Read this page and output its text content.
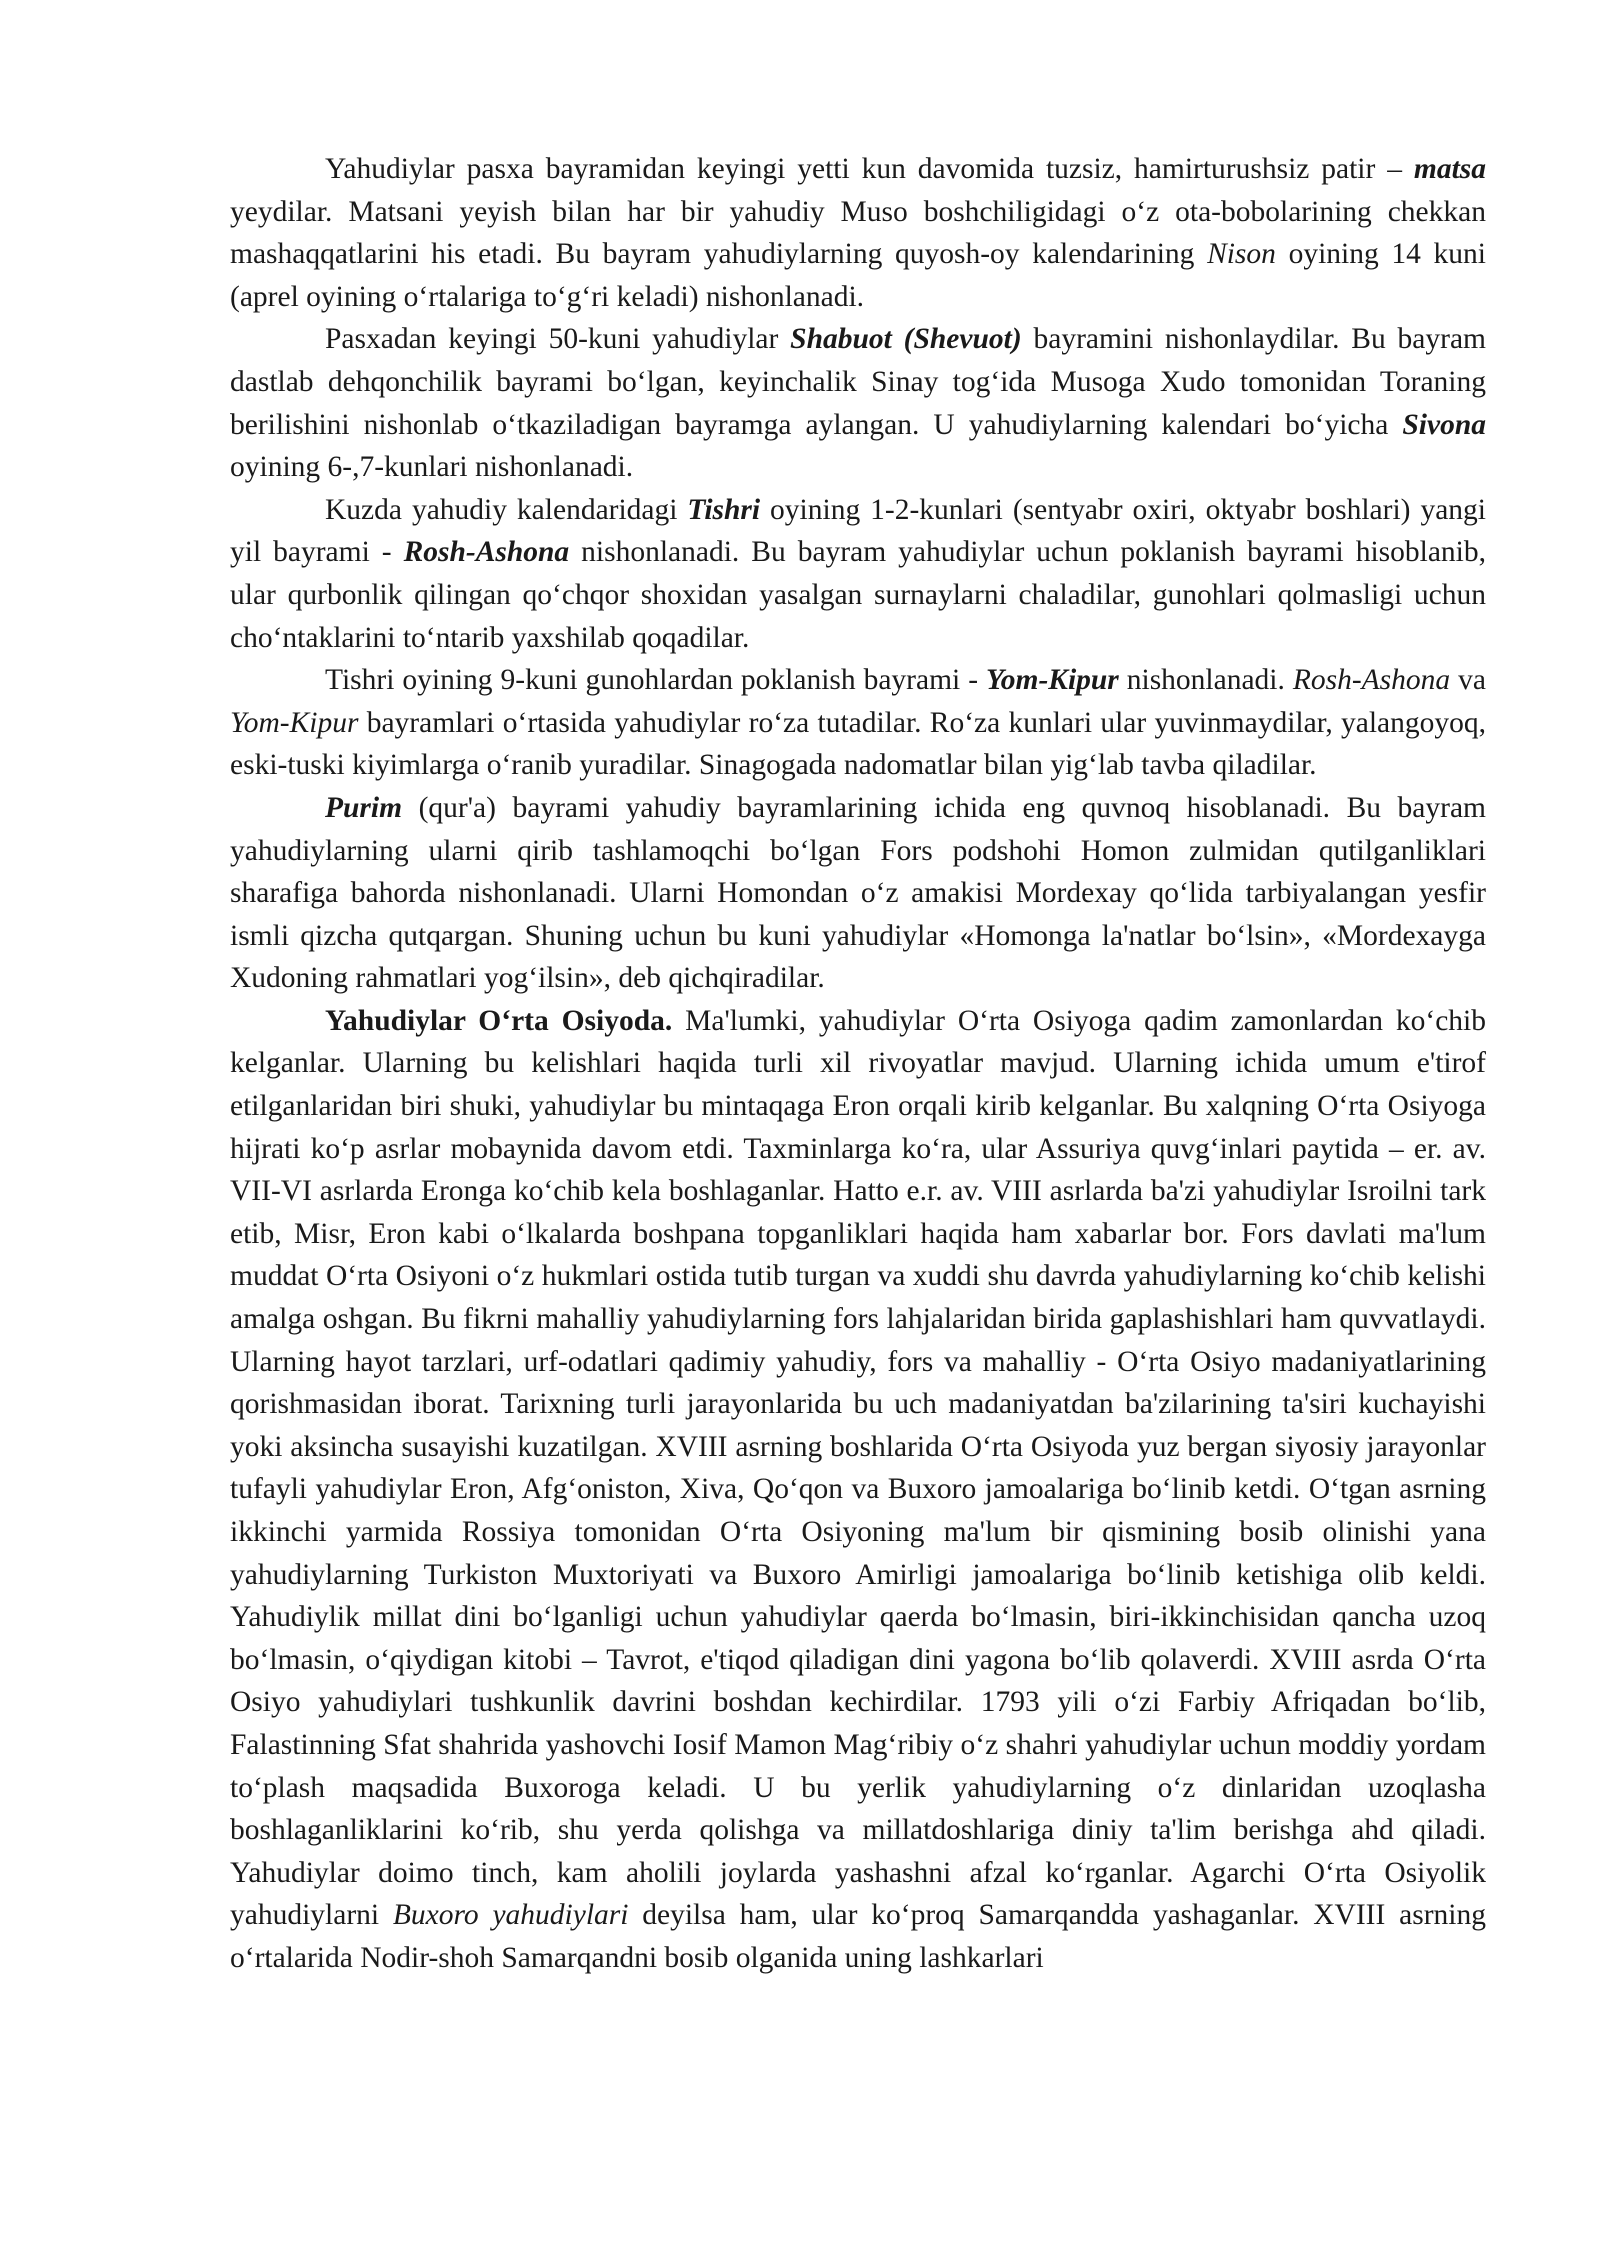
Yahudiylar pasxa bayramidan keyingi yetti kun davomida tuzsiz, hamirturushsiz patir – matsa yeydilar. Matsani yeyish bilan har bir yahudiy Muso boshchiligidagi o‘z ota-bobolarining chekkan mashaqqatlarini his etadi. Bu bayram yahudiylarning quyosh-oy kalendarining Nison oyining 14 kuni (aprel oyining o‘rtalariga to‘g‘ri keladi) nishonlanadi.

Pasxadan keyingi 50-kuni yahudiylar Shabuot (Shevuot) bayramini nishonlaydilar. Bu bayram dastlab dehqonchilik bayrami bo‘lgan, keyinchalik Sinay tog‘ida Musoga Xudo tomonidan Toraning berilishini nishonlab o‘tkaziladigan bayramga aylangan. U yahudiylarning kalendari bo‘yicha Sivona oyining 6-,7-kunlari nishonlanadi.

Kuzda yahudiy kalendaridagi Tishri oyining 1-2-kunlari (sentyabr oxiri, oktyabr boshlari) yangi yil bayrami - Rosh-Ashona nishonlanadi. Bu bayram yahudiylar uchun poklanish bayrami hisoblanib, ular qurbonlik qilingan qo‘chqor shoxidan yasalgan surnaylarni chaladilar, gunohlari qolmasligi uchun cho‘ntaklarini to‘ntarib yaxshilab qoqadilar.

Tishri oyining 9-kuni gunohlardan poklanish bayrami - Yom-Kipur nishonlanadi. Rosh-Ashona va Yom-Kipur bayramlari o‘rtasida yahudiylar ro‘za tutadilar. Ro‘za kunlari ular yuvinmaydilar, yalangoyoq, eski-tuski kiyimlarga o‘ranib yuradilar. Sinagogada nadomatlar bilan yig‘lab tavba qiladilar.

Purim (qur'a) bayrami yahudiy bayramlarining ichida eng quvnoq hisoblanadi. Bu bayram yahudiylarning ularni qirib tashlamoqchi bo‘lgan Fors podshohi Homon zulmidan qutilganliklari sharafiga bahorda nishonlanadi. Ularni Homondan o‘z amakisi Mordexay qo‘lida tarbiyalangan yesfir ismli qizcha qutqargan. Shuning uchun bu kuni yahudiylar «Homonga la'natlar bo‘lsin», «Mordexayga Xudoning rahmatlari yog‘ilsin», deb qichqiradilar.

Yahudiylar O‘rta Osiyoda. Ma'lumki, yahudiylar O‘rta Osiyoga qadim zamonlardan ko‘chib kelganlar. Ularning bu kelishlari haqida turli xil rivoyatlar mavjud. Ularning ichida umum e'tirof etilganlaridan biri shuki, yahudiylar bu mintaqaga Eron orqali kirib kelganlar. Bu xalqning O‘rta Osiyoga hijrati ko‘p asrlar mobaynida davom etdi. Taxminlarga ko‘ra, ular Assuriya quvg‘inlari paytida – er. av. VII-VI asrlarda Eronga ko‘chib kela boshlaganlar. Hatto e.r. av. VIII asrlarda ba'zi yahudiylar Isroilni tark etib, Misr, Eron kabi o‘lkalarda boshpana topganliklari haqida ham xabarlar bor. Fors davlati ma'lum muddat O‘rta Osiyoni o‘z hukmlari ostida tutib turgan va xuddi shu davrda yahudiylarning ko‘chib kelishi amalga oshgan. Bu fikrni mahalliy yahudiylarning fors lahjalaridan birida gaplashishlari ham quvvatlaydi. Ularning hayot tarzlari, urf-odatlari qadimiy yahudiy, fors va mahalliy - O‘rta Osiyo madaniyatlarining qorishmasidan iborat. Tarixning turli jarayonlarida bu uch madaniyatdan ba'zilarining ta'siri kuchayishi yoki aksincha susayishi kuzatilgan. XVIII asrning boshlarida O‘rta Osiyoda yuz bergan siyosiy jarayonlar tufayli yahudiylar Eron, Afg‘oniston, Xiva, Qo‘qon va Buxoro jamoalariga bo‘linib ketdi. O‘tgan asrning ikkinchi yarmida Rossiya tomonidan O‘rta Osiyoning ma'lum bir qismining bosib olinishi yana yahudiylarning Turkiston Muxtoriyati va Buxoro Amirligi jamoalariga bo‘linib ketishiga olib keldi. Yahudiylik millat dini bo‘lganligi uchun yahudiylar qaerda bo‘lmasin, biri-ikkinchisidan qancha uzoq bo‘lmasin, o‘qiydigan kitobi – Tavrot, e'tiqod qiladigan dini yagona bo‘lib qolaverdi. XVIII asrda O‘rta Osiyo yahudiylari tushkunlik davrini boshdan kechirdilar. 1793 yili o‘zi Farbiy Afriqadan bo‘lib, Falastinning Sfat shahrida yashovchi Iosif Mamon Mag‘ribiy o‘z shahri yahudiylar uchun moddiy yordam to‘plash maqsadida Buxoroga keladi. U bu yerlik yahudiylarning o‘z dinlaridan uzoqlasha boshlaganliklarini ko‘rib, shu yerda qolishga va millatdoshlariga diniy ta'lim berishga ahd qiladi. Yahudiylar doimo tinch, kam aholili joylarda yashashni afzal ko‘rganlar. Agarchi O‘rta Osiyolik yahudiylarni Buxoro yahudiylari deyilsa ham, ular ko‘proq Samarqandda yashaganlar. XVIII asrning o‘rtalarida Nodir-shoh Samarqandni bosib olganida uning lashkarlari
